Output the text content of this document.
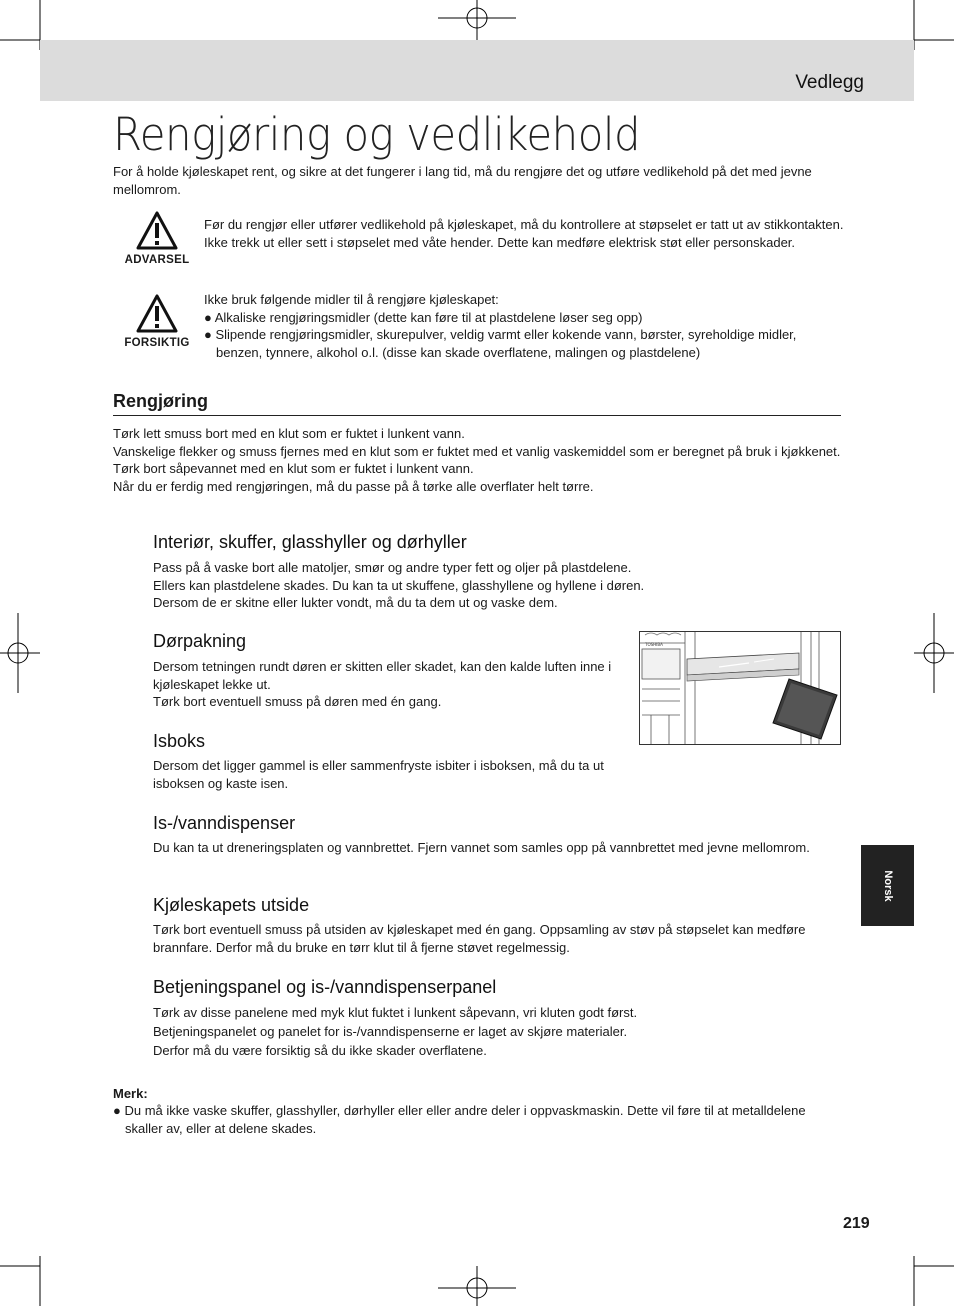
Vedlegg
Rengjøring og vedlikehold
For å holde kjøleskapet rent, og sikre at det fungerer i lang tid, må du rengjøre det og utføre vedlikehold på det med jevne mellomrom.
ADVARSEL
Før du rengjør eller utfører vedlikehold på kjøleskapet, må du kontrollere at støpselet er tatt ut av stikkontakten. Ikke trekk ut eller sett i støpselet med våte hender. Dette kan medføre elektrisk støt eller personskader.
FORSIKTIG
Ikke bruk følgende midler til å rengjøre kjøleskapet:
● Alkaliske rengjøringsmidler (dette kan føre til at plastdelene løser seg opp)
● Slipende rengjøringsmidler, skurepulver, veldig varmt eller kokende vann, børster, syreholdige midler, benzen, tynnere, alkohol o.l. (disse kan skade overflatene, malingen og plastdelene)
Rengjøring

Tørk lett smuss bort med en klut som er fuktet i lunkent vann.

Vanskelige flekker og smuss fjernes med en klut som er fuktet med et vanlig vaskemiddel som er beregnet på bruk i kjøkkenet.

Tørk bort såpevannet med en klut som er fuktet i lunkent vann.

Når du er ferdig med rengjøringen, må du passe på å tørke alle overflater helt tørre.

Interiør, skuffer, glasshyller og dørhyller

Pass på å vaske bort alle matoljer, smør og andre typer fett og oljer på plastdelene.

Ellers kan plastdelene skades. Du kan ta ut skuffene, glasshyllene og hyllene i døren.

Dersom de er skitne eller lukter vondt, må du ta dem ut og vaske dem.

Dørpakning

Dersom tetningen rundt døren er skitten eller skadet, kan den kalde luften inne i kjøleskapet lekke ut.

Tørk bort eventuell smuss på døren med én gang.

TOSHIBA
Isboks

Dersom det ligger gammel is eller sammenfrystе isbiter i isboksen, må du ta ut isboksen og kaste isen.

Is-/vanndispenser

Du kan ta ut dreneringsplaten og vannbrettet. Fjern vannet som samles opp på vannbrettet med jevne mellomrom.

Kjøleskapets utside

Tørk bort eventuell smuss på utsiden av kjøleskapet med én gang. Oppsamling av støv på støpselet kan medføre brannfare. Derfor må du bruke en tørr klut til å fjerne støvet regelmessig.

Betjeningspanel og is-/vanndispenserpanel

Tørk av disse panelene med myk klut fuktet i lunkent såpevann, vri kluten godt først.

Betjeningspanelet og panelet for is-/vanndispenserne er laget av skjøre materialer.

Derfor må du være forsiktig så du ikke skader overflatene.

Merk:
● Du må ikke vaske skuffer, glasshyller, dørhyller eller eller andre deler i oppvaskmaskin. Dette vil føre til at metalldelene skaller av, eller at delene skades.
Norsk
219
